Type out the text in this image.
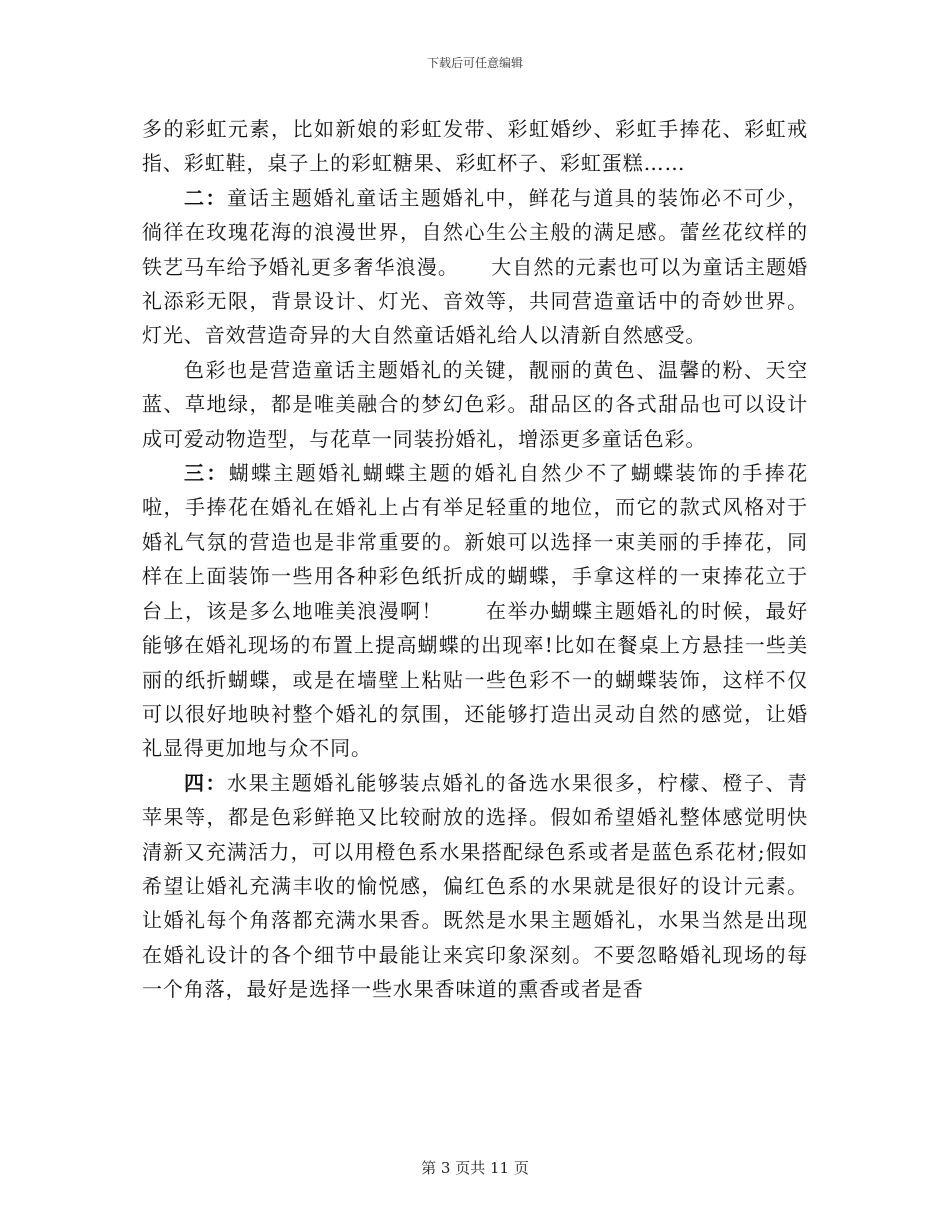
下载后可任意编辑

多的彩虹元素，比如新娘的彩虹发带、彩虹婚纱、彩虹手捧花、彩虹戒指、彩虹鞋，桌子上的彩虹糖果、彩虹杯子、彩虹蛋糕……

二：童话主题婚礼童话主题婚礼中，鲜花与道具的装饰必不可少，徜徉在玫瑰花海的浪漫世界，自然心生公主般的满足感。蕾丝花纹样的铁艺马车给予婚礼更多奢华浪漫。　　大自然的元素也可以为童话主题婚礼添彩无限，背景设计、灯光、音效等，共同营造童话中的奇妙世界。灯光、音效营造奇异的大自然童话婚礼给人以清新自然感受。

色彩也是营造童话主题婚礼的关键，靓丽的黄色、温馨的粉、天空蓝、草地绿，都是唯美融合的梦幻色彩。甜品区的各式甜品也可以设计成可爱动物造型，与花草一同装扮婚礼，增添更多童话色彩。

三：蝴蝶主题婚礼蝴蝶主题的婚礼自然少不了蝴蝶装饰的手捧花啦，手捧花在婚礼在婚礼上占有举足轻重的地位，而它的款式风格对于婚礼气氛的营造也是非常重要的。新娘可以选择一束美丽的手捧花，同样在上面装饰一些用各种彩色纸折成的蝴蝶，手拿这样的一束捧花立于台上，该是多么地唯美浪漫啊！　　在举办蝴蝶主题婚礼的时候，最好能够在婚礼现场的布置上提高蝴蝶的出现率!比如在餐桌上方悬挂一些美丽的纸折蝴蝶，或是在墙壁上粘贴一些色彩不一的蝴蝶装饰，这样不仅可以很好地映衬整个婚礼的氛围，还能够打造出灵动自然的感觉，让婚礼显得更加地与众不同。

四：水果主题婚礼能够装点婚礼的备选水果很多，柠檬、橙子、青苹果等，都是色彩鲜艳又比较耐放的选择。假如希望婚礼整体感觉明快清新又充满活力，可以用橙色系水果搭配绿色系或者是蓝色系花材;假如希望让婚礼充满丰收的愉悦感，偏红色系的水果就是很好的设计元素。让婚礼每个角落都充满水果香。既然是水果主题婚礼，水果当然是出现在婚礼设计的各个细节中最能让来宾印象深刻。不要忽略婚礼现场的每一个角落，最好是选择一些水果香味道的熏香或者是香

第 3 页共 11 页
